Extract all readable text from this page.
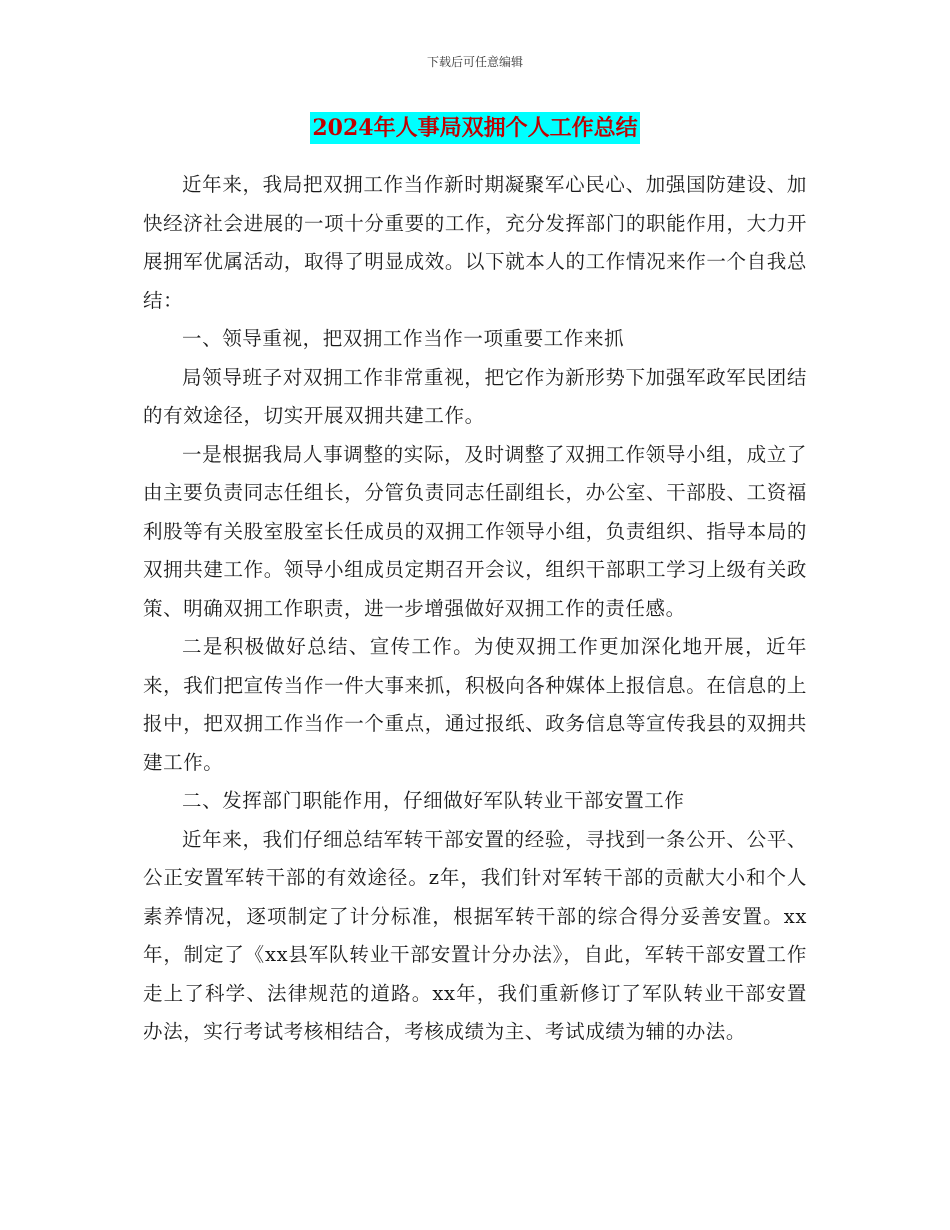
下载后可任意编辑
2024年人事局双拥个人工作总结

近年来，我局把双拥工作当作新时期凝聚军心民心、加强国防建设、加快经济社会进展的一项十分重要的工作，充分发挥部门的职能作用，大力开展拥军优属活动，取得了明显成效。以下就本人的工作情况来作一个自我总结：

一、领导重视，把双拥工作当作一项重要工作来抓

局领导班子对双拥工作非常重视，把它作为新形势下加强军政军民团结的有效途径，切实开展双拥共建工作。

一是根据我局人事调整的实际，及时调整了双拥工作领导小组，成立了由主要负责同志任组长，分管负责同志任副组长，办公室、干部股、工资福利股等有关股室股室长任成员的双拥工作领导小组，负责组织、指导本局的双拥共建工作。领导小组成员定期召开会议，组织干部职工学习上级有关政策、明确双拥工作职责，进一步增强做好双拥工作的责任感。

二是积极做好总结、宣传工作。为使双拥工作更加深化地开展，近年来，我们把宣传当作一件大事来抓，积极向各种媒体上报信息。在信息的上报中，把双拥工作当作一个重点，通过报纸、政务信息等宣传我县的双拥共建工作。

二、发挥部门职能作用，仔细做好军队转业干部安置工作

近年来，我们仔细总结军转干部安置的经验，寻找到一条公开、公平、公正安置军转干部的有效途径。z年，我们针对军转干部的贡献大小和个人素养情况，逐项制定了计分标准，根据军转干部的综合得分妥善安置。xx年，制定了《xx县军队转业干部安置计分办法》，自此，军转干部安置工作走上了科学、法律规范的道路。xx年，我们重新修订了军队转业干部安置办法，实行考试考核相结合，考核成绩为主、考试成绩为辅的办法。
